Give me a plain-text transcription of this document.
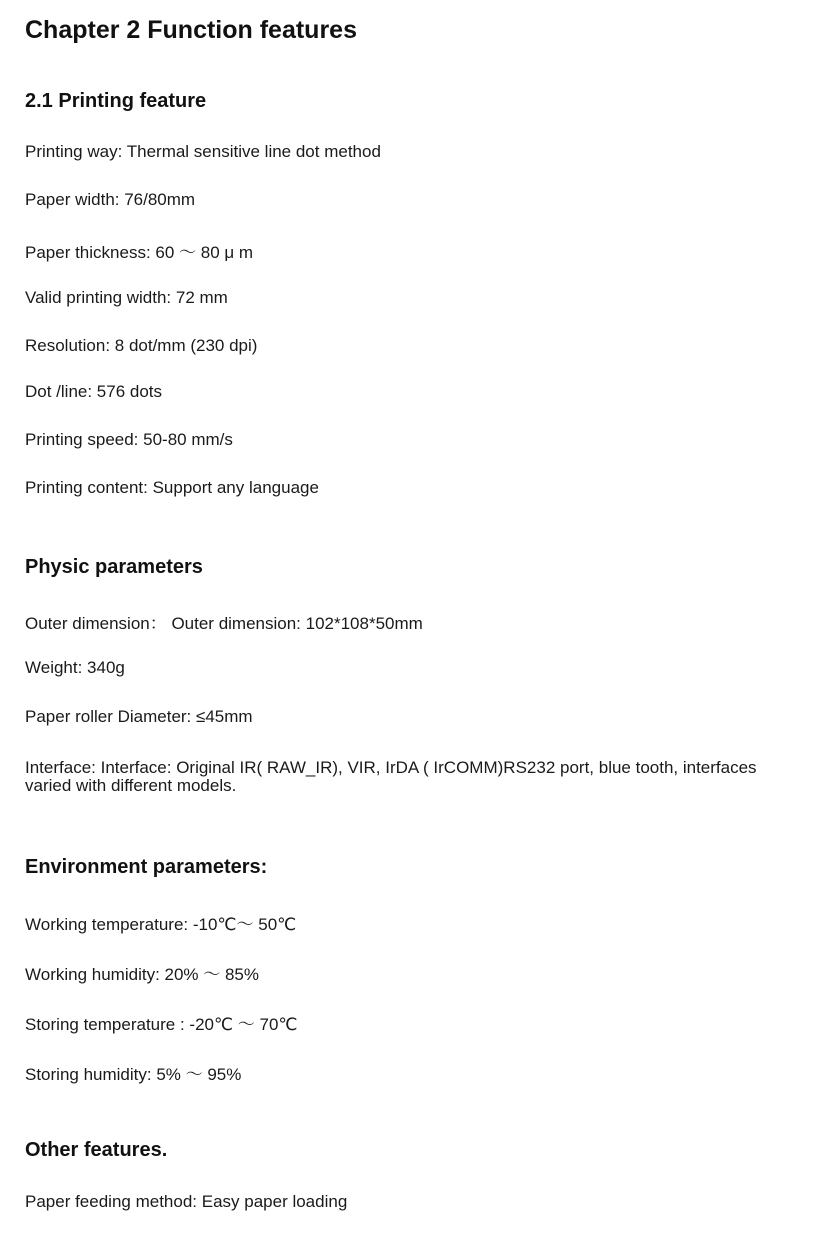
Chapter 2 Function features
2.1 Printing feature

Printing way: Thermal sensitive line dot method

Paper width: 76/80mm

Paper thickness: 60 ～ 80 μ m

Valid printing width: 72 mm

Resolution: 8 dot/mm (230 dpi)

Dot /line: 576 dots

Printing speed: 50-80 mm/s

Printing content: Support any language

Physic parameters

Outer dimension： Outer dimension: 102*108*50mm

Weight: 340g

Paper roller Diameter: ≤45mm

Interface: Interface: Original IR( RAW_IR), VIR, IrDA ( IrCOMM)RS232 port, blue tooth, interfaces varied with different models.

Environment parameters:

Working temperature: -10℃～ 50℃

Working humidity: 20% ～ 85%

Storing temperature : -20℃ ～ 70℃

Storing humidity: 5% ～ 95%

Other features.

Paper feeding method: Easy paper loading
